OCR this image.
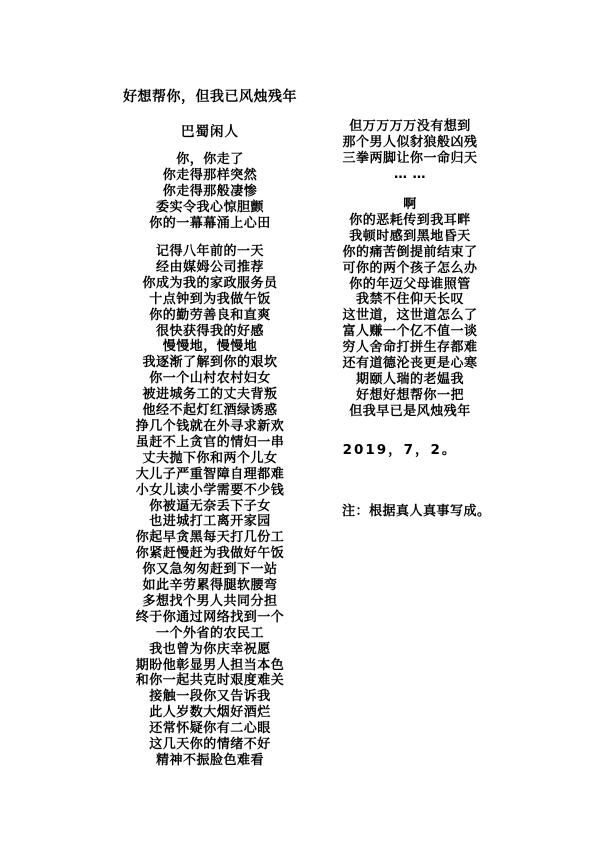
好想帮你，但我已风烛残年
巴蜀闲人
你，你走了
你走得那样突然
你走得那般凄惨
委实令我心惊胆颤
你的一幕幕涌上心田
记得八年前的一天
经由媒姆公司推荐
你成为我的家政服务员
十点钟到为我做午饭
你的勤劳善良和直爽
很快获得我的好感
慢慢地，慢慢地
我逐渐了解到你的艰坎
你一个山村农村妇女
被进城务工的丈夫背叛
他经不起灯红酒绿诱惑
挣几个钱就在外寻求新欢
虽赶不上贪官的情妇一串
丈夫抛下你和两个儿女
大儿子严重智障自理都难
小女儿读小学需要不少钱
你被逼无奈丢下子女
也进城打工离开家园
你起早贪黑每天打几份工
你紧赶慢赶为我做好午饭
你又急匆匆赶到下一站
如此辛劳累得腿软腰弯
多想找个男人共同分担
终于你通过网络找到一个
一个外省的农民工
我也曾为你庆幸祝愿
期盼他彰显男人担当本色
和你一起共克时艰度难关
接触一段你又告诉我
此人岁数大烟好酒烂
还常怀疑你有二心眼
这几天你的情绪不好
精神不振脸色难看
但万万万万没有想到
那个男人似豺狼般凶残
三拳两脚让你一命归天
… …
啊
你的恶耗传到我耳畔
我顿时感到黑地昏天
你的痛苦倒提前结束了
可你的两个孩子怎么办
你的年迈父母谁照管
我禁不住仰天长叹
这世道，这世道怎么了
富人赚一个亿不值一谈
穷人舍命打拼生存都难
还有道德沦丧更是心寒
期颐人瑞的老媪我
好想好想帮你一把
但我早已是风烛残年
2019，7，2。
注：根据真人真事写成。
